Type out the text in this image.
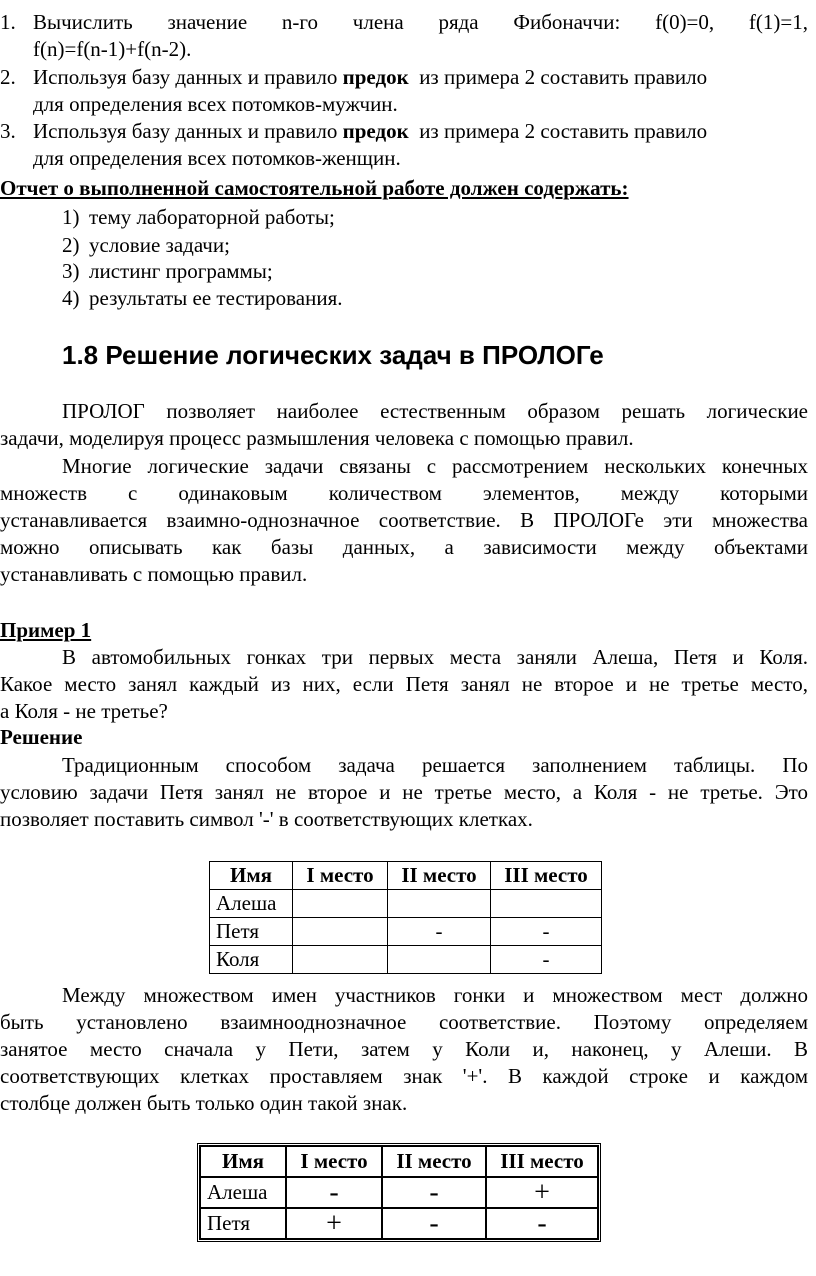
1. Вычислить значение n-го члена ряда Фибоначчи: f(0)=0, f(1)=1,
f(n)=f(n-1)+f(n-2).
2. Используя базу данных и правило предок  из примера 2 составить правило
для определения всех потомков-мужчин.
3. Используя базу данных и правило предок  из примера 2 составить правило
для определения всех потомков-женщин.
Отчет о выполненной самостоятельной работе должен содержать:
1) тему лабораторной работы;
2) условие задачи;
3) листинг программы;
4) результаты ее тестирования.
1.8 Решение логических задач в ПРОЛОГе
ПРОЛОГ позволяет наиболее естественным образом решать логические
задачи, моделируя процесс размышления человека с помощью правил.
Многие логические задачи связаны с рассмотрением нескольких конечных
множеств с одинаковым количеством элементов, между которыми
устанавливается взаимно-однозначное соответствие. В ПРОЛОГе эти множества
можно описывать как базы данных, а зависимости между объектами
устанавливать с помощью правил.
Пример 1
В автомобильных гонках три первых места заняли Алеша, Петя и Коля.
Какое место занял каждый из них, если Петя занял не второе и не третье место,
а Коля - не третье?
Решение
Традиционным способом задача решается заполнением таблицы. По
условию задачи Петя занял не второе и не третье место, а Коля - не третье. Это
позволяет поставить символ '-' в соответствующих клетках.
Имя	I место	II место	III место
Алеша			
Петя		-	-
Коля			-
Между множеством имен участников гонки и множеством мест должно
быть установлено взаимнооднозначное соответствие. Поэтому определяем
занятое место сначала у Пети, затем у Коли и, наконец, у Алеши. В
соответствующих клетках проставляем знак '+'. В каждой строке и каждом
столбце должен быть только один такой знак.
Имя	I место	II место	III место
Алеша	-	-	+
Петя	+	-	-
